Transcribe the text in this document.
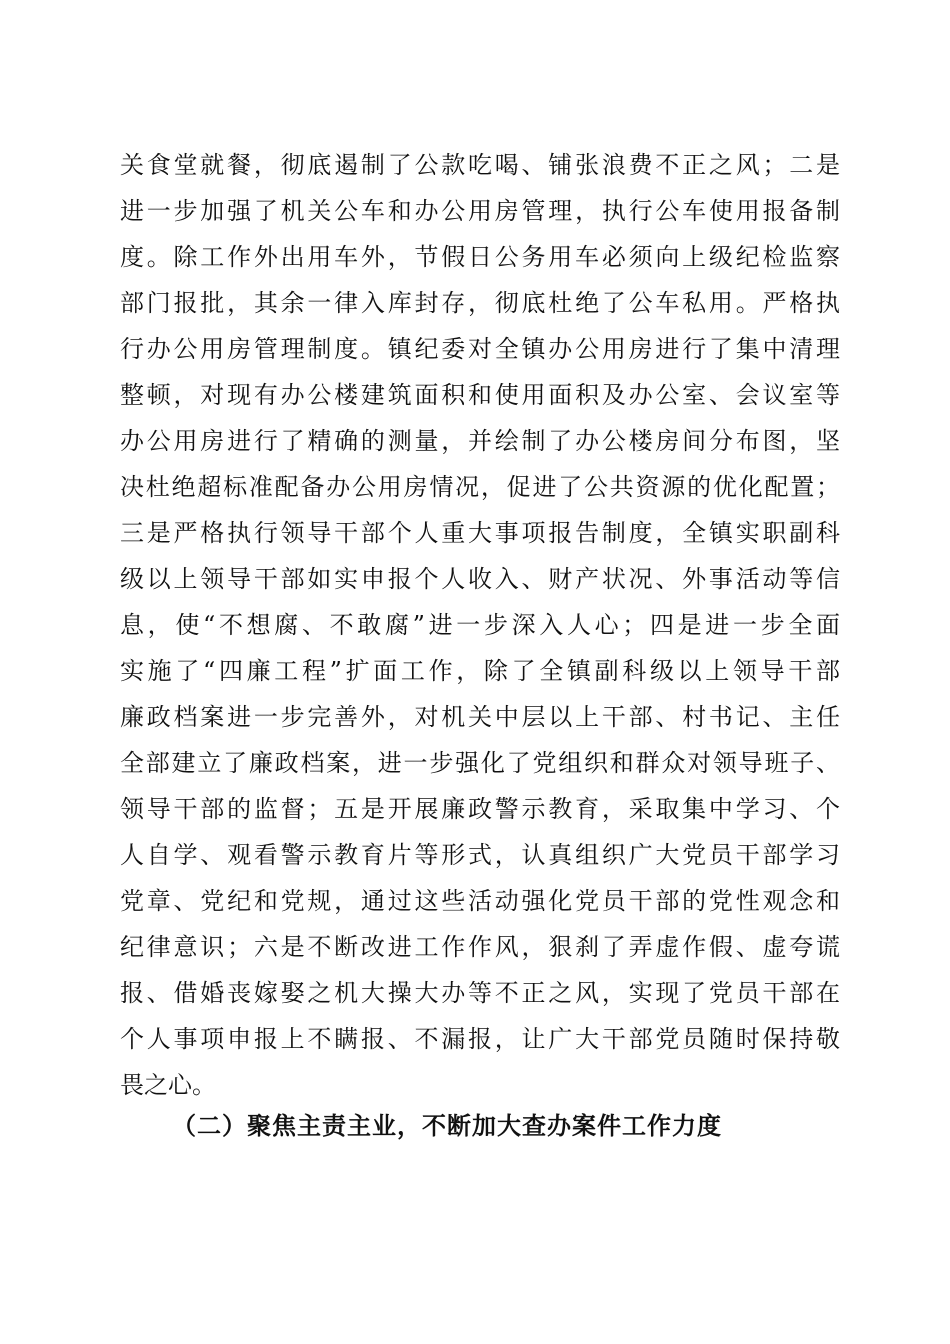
关食堂就餐，彻底遏制了公款吃喝、铺张浪费不正之风；二是
进一步加强了机关公车和办公用房管理，执行公车使用报备制
度。除工作外出用车外，节假日公务用车必须向上级纪检监察
部门报批，其余一律入库封存，彻底杜绝了公车私用。严格执
行办公用房管理制度。镇纪委对全镇办公用房进行了集中清理
整顿，对现有办公楼建筑面积和使用面积及办公室、会议室等
办公用房进行了精确的测量，并绘制了办公楼房间分布图，坚
决杜绝超标准配备办公用房情况，促进了公共资源的优化配置；
三是严格执行领导干部个人重大事项报告制度，全镇实职副科
级以上领导干部如实申报个人收入、财产状况、外事活动等信
息，使“不想腐、不敢腐”进一步深入人心；四是进一步全面
实施了“四廉工程”扩面工作，除了全镇副科级以上领导干部
廉政档案进一步完善外，对机关中层以上干部、村书记、主任
全部建立了廉政档案，进一步强化了党组织和群众对领导班子、
领导干部的监督；五是开展廉政警示教育，采取集中学习、个
人自学、观看警示教育片等形式，认真组织广大党员干部学习
党章、党纪和党规，通过这些活动强化党员干部的党性观念和
纪律意识；六是不断改进工作作风，狠刹了弄虚作假、虚夸谎
报、借婚丧嫁娶之机大操大办等不正之风，实现了党员干部在
个人事项申报上不瞒报、不漏报，让广大干部党员随时保持敬
畏之心。
（二）聚焦主责主业，不断加大查办案件工作力度
